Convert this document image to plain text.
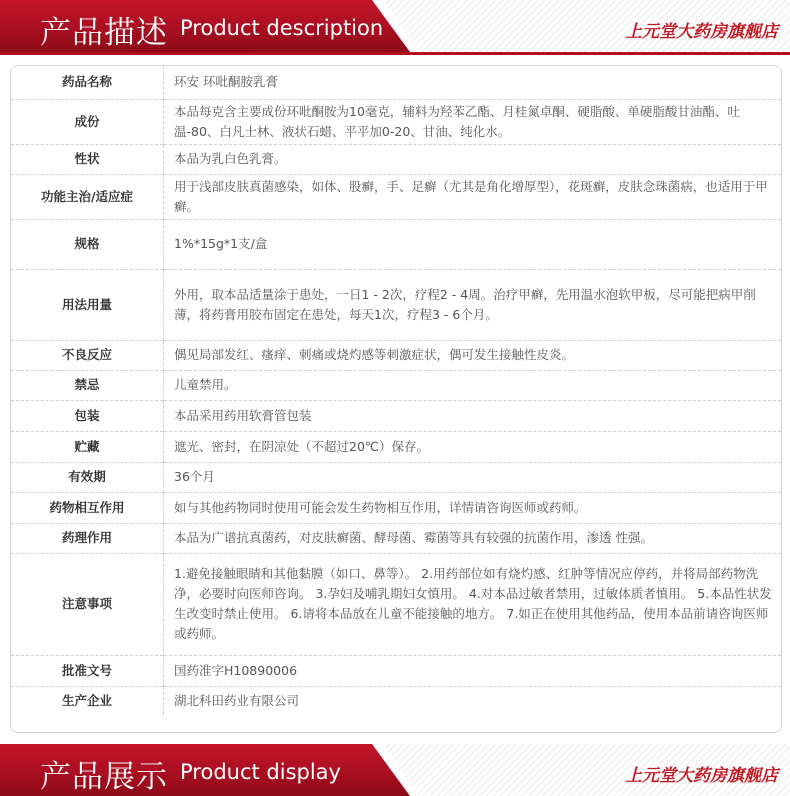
产品描述 Product description	上元堂大药房旗舰店
药品名称	环安 环吡酮胺乳膏
成份	本品每克含主要成份环吡酮胺为10毫克，辅料为羟苯乙酯、月桂氮卓酮、硬脂酸、单硬脂酸甘油酯、吐温-80、白凡士林、液状石蜡、平平加0-20、甘油、纯化水。
性状	本品为乳白色乳膏。
功能主治/适应症	用于浅部皮肤真菌感染，如体、股癣，手、足癣（尤其是角化增厚型），花斑癣，皮肤念珠菌病，也适用于甲癣。
规格	1%*15g*1支/盒
用法用量	外用，取本品适量涂于患处，一日1 - 2次，疗程2 - 4周。治疗甲癣，先用温水泡软甲板，尽可能把病甲削薄，将药膏用胶布固定在患处，每天1次，疗程3 - 6个月。
不良反应	偶见局部发红、瘙痒、刺痛或烧灼感等刺激症状，偶可发生接触性皮炎。
禁忌	儿童禁用。
包装	本品采用药用软膏管包装
贮藏	遮光、密封，在阴凉处（不超过20℃）保存。
有效期	36个月
药物相互作用	如与其他药物同时使用可能会发生药物相互作用，详情请咨询医师或药师。
药理作用	本品为广谱抗真菌药，对皮肤癣菌、酵母菌、霉菌等具有较强的抗菌作用，渗透 性强。
注意事项	1.避免接触眼睛和其他黏膜（如口、鼻等）。 2.用药部位如有烧灼感、红肿等情况应停药，并将局部药物洗净，必要时向医师咨询。 3.孕妇及哺乳期妇女慎用。 4.对本品过敏者禁用，过敏体质者慎用。 5.本品性状发生改变时禁止使用。 6.请将本品放在儿童不能接触的地方。 7.如正在使用其他药品，使用本品前请咨询医师或药师。
批准文号	国药准字H10890006
生产企业	湖北科田药业有限公司
产品展示 Product display	上元堂大药房旗舰店
